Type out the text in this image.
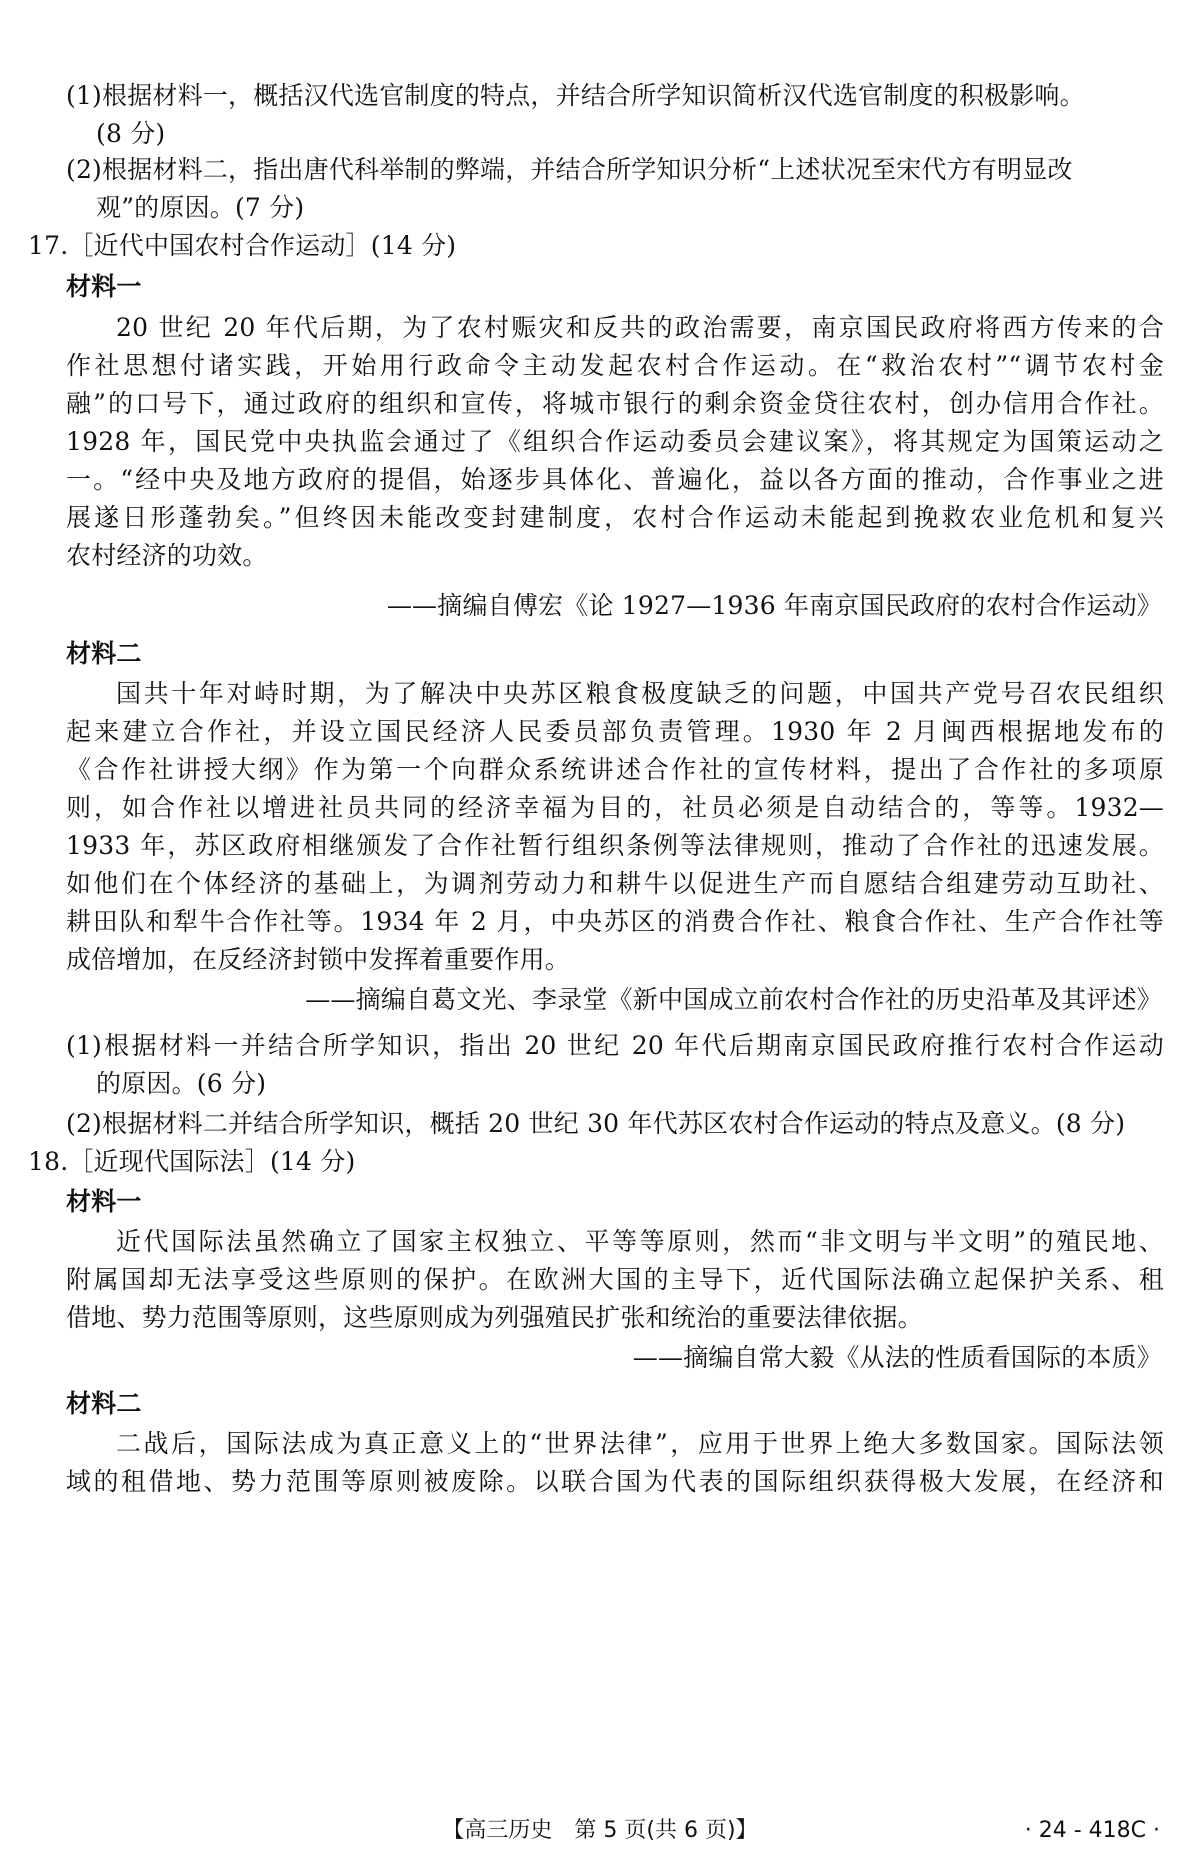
(1)根据材料一，概括汉代选官制度的特点，并结合所学知识简析汉代选官制度的积极影响。
(8 分)
(2)根据材料二，指出唐代科举制的弊端，并结合所学知识分析“上述状况至宋代方有明显改
观”的原因。(7 分)
17.［近代中国农村合作运动］(14 分)
材料一
20 世纪 20 年代后期，为了农村赈灾和反共的政治需要，南京国民政府将西方传来的合
作社思想付诸实践，开始用行政命令主动发起农村合作运动。在“救治农村”“调节农村金
融”的口号下，通过政府的组织和宣传，将城市银行的剩余资金贷往农村，创办信用合作社。
1928 年，国民党中央执监会通过了《组织合作运动委员会建议案》，将其规定为国策运动之
一。“经中央及地方政府的提倡，始逐步具体化、普遍化，益以各方面的推动，合作事业之进
展遂日形蓬勃矣。”但终因未能改变封建制度，农村合作运动未能起到挽救农业危机和复兴
农村经济的功效。
——摘编自傅宏《论 1927—1936 年南京国民政府的农村合作运动》
材料二
国共十年对峙时期，为了解决中央苏区粮食极度缺乏的问题，中国共产党号召农民组织
起来建立合作社，并设立国民经济人民委员部负责管理。1930 年 2 月闽西根据地发布的
《合作社讲授大纲》作为第一个向群众系统讲述合作社的宣传材料，提出了合作社的多项原
则，如合作社以增进社员共同的经济幸福为目的，社员必须是自动结合的，等等。1932—
1933 年，苏区政府相继颁发了合作社暂行组织条例等法律规则，推动了合作社的迅速发展。
如他们在个体经济的基础上，为调剂劳动力和耕牛以促进生产而自愿结合组建劳动互助社、
耕田队和犁牛合作社等。1934 年 2 月，中央苏区的消费合作社、粮食合作社、生产合作社等
成倍增加，在反经济封锁中发挥着重要作用。
——摘编自葛文光、李录堂《新中国成立前农村合作社的历史沿革及其评述》
(1)根据材料一并结合所学知识，指出 20 世纪 20 年代后期南京国民政府推行农村合作运动
的原因。(6 分)
(2)根据材料二并结合所学知识，概括 20 世纪 30 年代苏区农村合作运动的特点及意义。(8 分)
18.［近现代国际法］(14 分)
材料一
近代国际法虽然确立了国家主权独立、平等等原则，然而“非文明与半文明”的殖民地、
附属国却无法享受这些原则的保护。在欧洲大国的主导下，近代国际法确立起保护关系、租
借地、势力范围等原则，这些原则成为列强殖民扩张和统治的重要法律依据。
——摘编自常大毅《从法的性质看国际的本质》
材料二
二战后，国际法成为真正意义上的“世界法律”，应用于世界上绝大多数国家。国际法领
域的租借地、势力范围等原则被废除。以联合国为代表的国际组织获得极大发展，在经济和
【高三历史　第 5 页(共 6 页)】	· 24 - 418C ·
